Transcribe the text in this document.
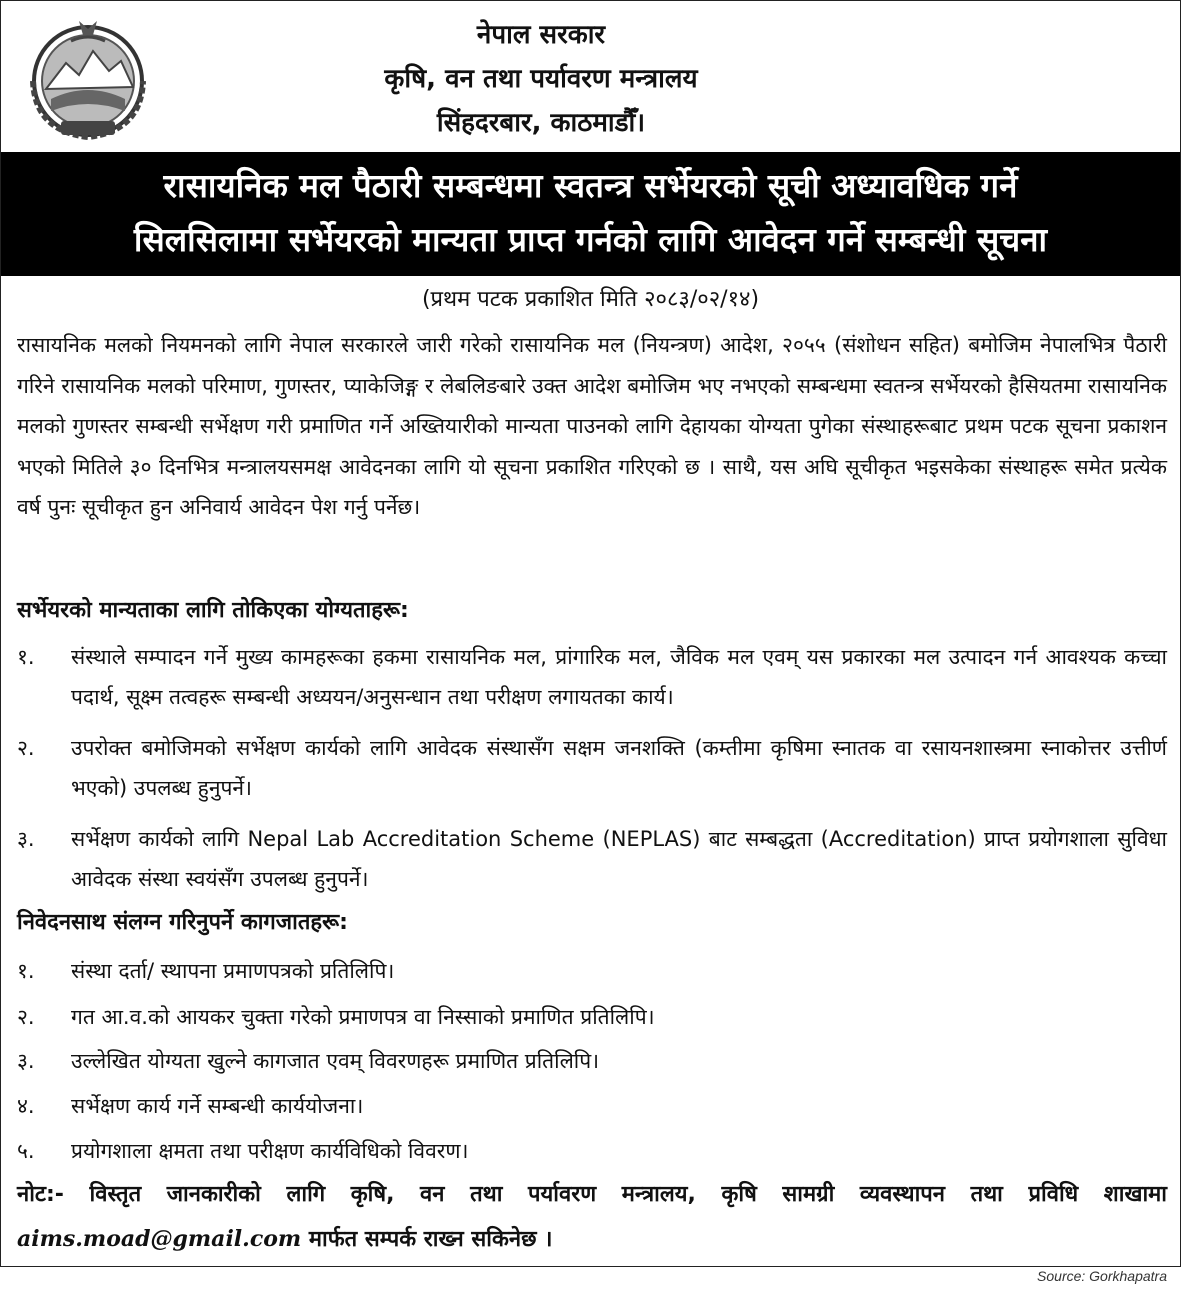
नेपाल सरकार
कृषि, वन तथा पर्यावरण मन्त्रालय
सिंहदरबार, काठमाडौँ।
रासायनिक मल पैठारी सम्बन्धमा स्वतन्त्र सर्भेयरको सूची अध्यावधिक गर्ने
सिलसिलामा सर्भेयरको मान्यता प्राप्त गर्नको लागि आवेदन गर्ने सम्बन्धी सूचना
(प्रथम पटक प्रकाशित मिति २०८३/०२/१४)
रासायनिक मलको नियमनको लागि नेपाल सरकारले जारी गरेको रासायनिक मल (नियन्त्रण) आदेश, २०५५ (संशोधन सहित) बमोजिम नेपालभित्र पैठारी गरिने रासायनिक मलको परिमाण, गुणस्तर, प्याकेजिङ्ग र लेबलिङबारे उक्त आदेश बमोजिम भए नभएको सम्बन्धमा स्वतन्त्र सर्भेयरको हैसियतमा रासायनिक मलको गुणस्तर सम्बन्धी सर्भेक्षण गरी प्रमाणित गर्ने अख्तियारीको मान्यता पाउनको लागि देहायका योग्यता पुगेका संस्थाहरूबाट प्रथम पटक सूचना प्रकाशन भएको मितिले ३० दिनभित्र मन्त्रालयसमक्ष आवेदनका लागि यो सूचना प्रकाशित गरिएको छ । साथै, यस अघि सूचीकृत भइसकेका संस्थाहरू समेत प्रत्येक वर्ष पुनः सूचीकृत हुन अनिवार्य आवेदन पेश गर्नु पर्नेछ।
सर्भेयरको मान्यताका लागि तोकिएका योग्यताहरू:
१.	संस्थाले सम्पादन गर्ने मुख्य कामहरूका हकमा रासायनिक मल, प्रांगारिक मल, जैविक मल एवम् यस प्रकारका मल उत्पादन गर्न आवश्यक कच्चा पदार्थ, सूक्ष्म तत्वहरू सम्बन्धी अध्ययन/अनुसन्धान तथा परीक्षण लगायतका कार्य।
२.	उपरोक्त बमोजिमको सर्भेक्षण कार्यको लागि आवेदक संस्थासँग सक्षम जनशक्ति (कम्तीमा कृषिमा स्नातक वा रसायनशास्त्रमा स्नाकोत्तर उत्तीर्ण भएको) उपलब्ध हुनुपर्ने।
३.	सर्भेक्षण कार्यको लागि Nepal Lab Accreditation Scheme (NEPLAS) बाट सम्बद्धता (Accreditation) प्राप्त प्रयोगशाला सुविधा आवेदक संस्था स्वयंसँग उपलब्ध हुनुपर्ने।
निवेदनसाथ संलग्न गरिनुपर्ने कागजातहरू:
१.	संस्था दर्ता/ स्थापना प्रमाणपत्रको प्रतिलिपि।
२.	गत आ.व.को आयकर चुक्ता गरेको प्रमाणपत्र वा निस्साको प्रमाणित प्रतिलिपि।
३.	उल्लेखित योग्यता खुल्ने कागजात एवम् विवरणहरू प्रमाणित प्रतिलिपि।
४.	सर्भेक्षण कार्य गर्ने सम्बन्धी कार्ययोजना।
५.	प्रयोगशाला क्षमता तथा परीक्षण कार्यविधिको विवरण।
नोट:- विस्तृत जानकारीको लागि कृषि, वन तथा पर्यावरण मन्त्रालय, कृषि सामग्री व्यवस्थापन तथा प्रविधि शाखामा aims.moad@gmail.com मार्फत सम्पर्क राख्न सकिनेछ ।
Source: Gorkhapatra
